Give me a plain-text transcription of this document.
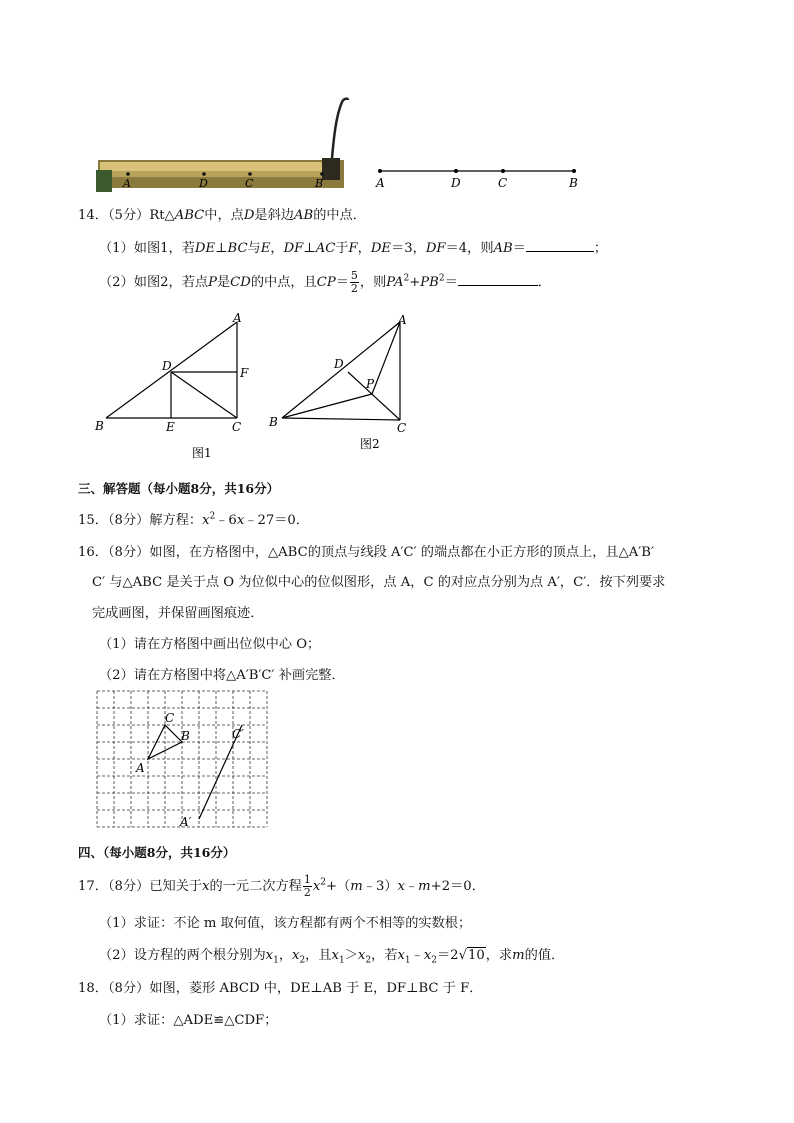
A	D	C	B	A	D	C	B
14．（5分）Rt△ABC中，点D是斜边AB的中点．
（1）如图1，若DE⊥BC与E，DF⊥AC于F，DE＝3，DF＝4，则AB＝	；
（2）如图2，若点P是CD的中点，且$CP= \frac{5}{2}$ ，则$PA^2+PB^2=$	．
A
D	F
B	E	C
图1
A
D
P
B	C
图2
三、解答题（每小题8分，共16分）
15．（8分）解方程：$x^2﹣6x﹣27=0$．
16．（8分）如图，在方格图中，△ABC的顶点与线段 A′C′ 的端点都在小正方形的顶点上，且△A′B′
C′ 与△ABC 是关于点 O 为位似中心的位似图形，点 A，C 的对应点分别为点 A′，C′．按下列要求
完成画图，并保留画图痕迹．
（1）请在方格图中画出位似中心 O；
（2）请在方格图中将△A′B′C′ 补画完整．
C
B
A
C′
A′
四、（每小题8分，共16分）
17．（8分）已知关于x的一元二次方程 $\frac{1}{2}$ $x^2+(m﹣3)x﹣m+2=0$．
（1）求证：不论 m 取何值，该方程都有两个不相等的实数根；
（2）设方程的两个根分别为$x_1$，$x_2$，且$x_1>x_2$，若$x_1﹣x_2=2√10$，求m的值．
18．（8分）如图，菱形 ABCD 中，DE⊥AB 于 E，DF⊥BC 于 F．
（1）求证：△ADE≌△CDF；
